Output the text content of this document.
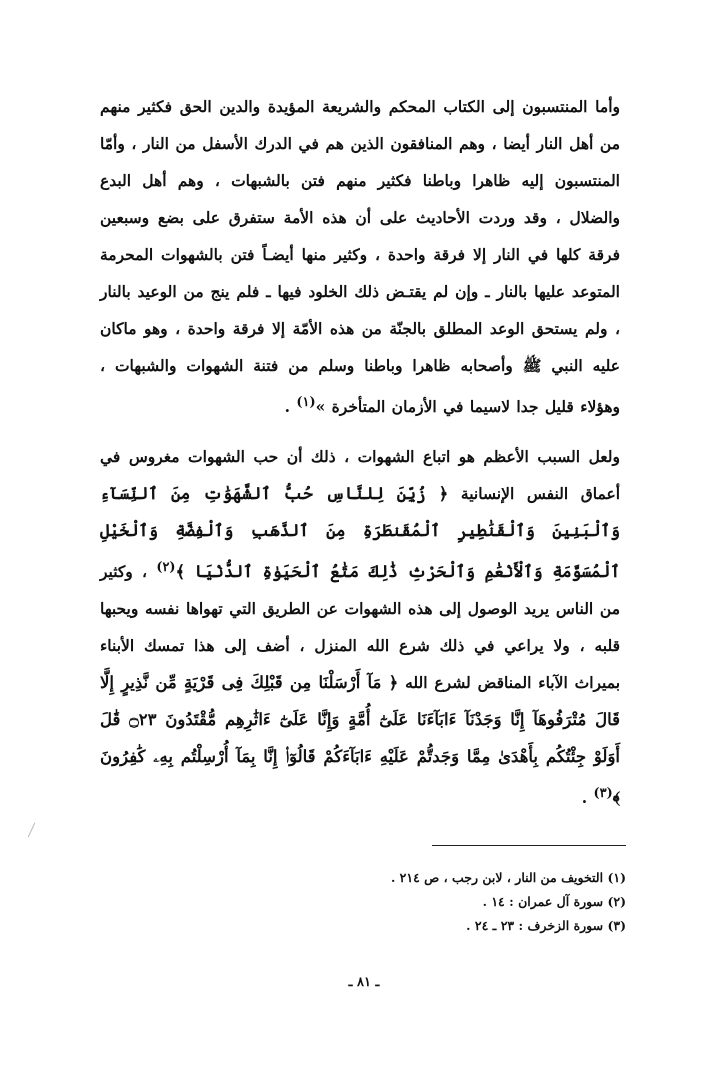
وأما المنتسبون إلى الكتاب المحكم والشريعة المؤيدة والدين الحق فكثير منهم من أهل النار أيضا ، وهم المنافقون الذين هم في الدرك الأسفل من النار ، وأمّا المنتسبون إليه ظاهرا وباطنا فكثير منهم فتن بالشبهات ، وهم أهل البدع والضلال ، وقد وردت الأحاديث على أن هذه الأمة ستفرق على بضع وسبعين فرقة كلها في النار إلا فرقة واحدة ، وكثير منها أيضـاً فتن بالشهوات المحرمة المتوعد عليها بالنار ـ وإن لم يقتـض ذلك الخلود فيها ـ فلم ينج من الوعيد بالنار ، ولم يستحق الوعد المطلق بالجنّة من هذه الأمّة إلا فرقة واحدة ، وهو ماكان عليه النبي ﷺ وأصحابه ظاهرا وباطنا وسلم من فتنة الشهوات والشبهات ، وهؤلاء قليل جدا لاسيما في الأزمان المتأخرة »$^{(١)}$ .
ولعل السبب الأعظم هو اتباع الشهوات ، ذلك أن حب الشهوات مغروس في أعماق النفس الإنسانية ﴿ زُيِّنَ لِلنَّاسِ حُبُّ ٱلشَّهَوَٰتِ مِنَ ٱلنِّسَآءِ وَٱلْبَنِينَ وَٱلْقَنَٰطِيرِ ٱلْمُقَنطَرَةِ مِنَ ٱلذَّهَبِ وَٱلْفِضَّةِ وَٱلْخَيْلِ ٱلْمُسَوَّمَةِ وَٱلْأَنْعَٰمِ وَٱلْحَرْثِ ذَٰلِكَ مَتَٰعُ ٱلْحَيَوٰةِ ٱلدُّنْيَا ﴾$^{(٢)}$ ، وكثير من الناس يريد الوصول إلى هذه الشهوات عن الطريق التي تهواها نفسه ويحبها قلبه ، ولا يراعي في ذلك شرع الله المنزل ، أضف إلى هذا تمسك الأبناء بميراث الآباء المناقض لشرع الله ﴿ مَآ أَرْسَلْنَا مِن قَبْلِكَ فِى قَرْيَةٍ مِّن نَّذِيرٍ إِلَّا قَالَ مُتْرَفُوهَآ إِنَّا وَجَدْنَآ ءَابَآءَنَا عَلَىٰٓ أُمَّةٍ وَإِنَّا عَلَىٰٓ ءَاثَٰرِهِم مُّقْتَدُونَ ۝٢٣ قَٰلَ أَوَلَوْ جِئْتُكُم بِأَهْدَىٰ مِمَّا وَجَدتُّمْ عَلَيْهِ ءَابَآءَكُمْ قَالُوٓا۟ إِنَّا بِمَآ أُرْسِلْتُم بِهِۦ كَٰفِرُونَ ﴾$^{(٣)}$ .
(١) التخويف من النار ، لابن رجب ، ص ٢١٤ .
(٢) سورة آل عمران : ١٤ .
(٣) سورة الزخرف : ٢٣ ـ ٢٤ .
ـ ٨١ ـ
